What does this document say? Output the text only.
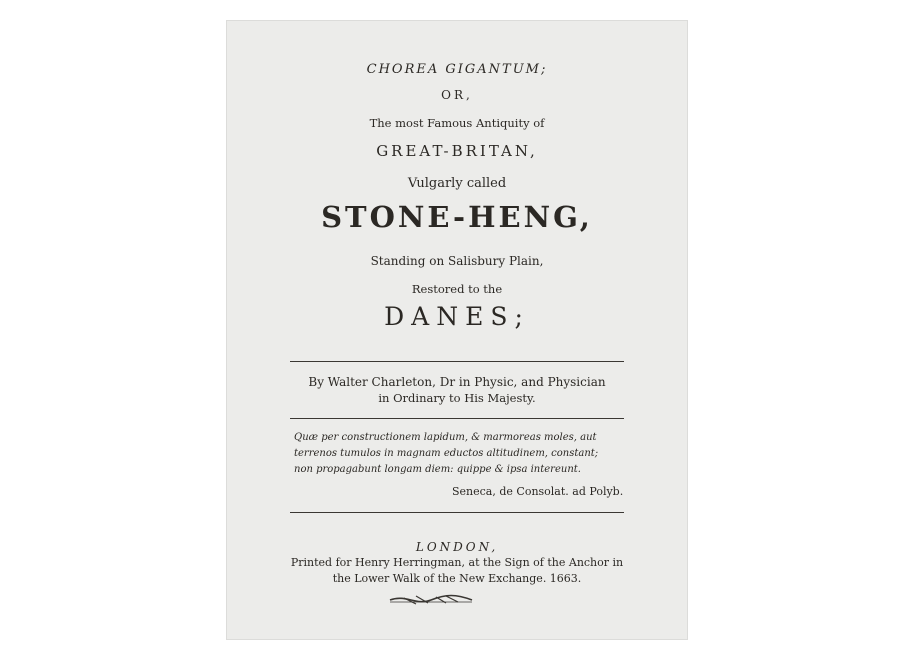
CHOREA GIGANTUM;
OR,
The most Famous Antiquity of
GREAT-BRITAN,
Vulgarly called
STONE-HENG,
Standing on Salisbury Plain,
Restored to the
DANES;
By Walter Charleton, Dr in Physic, and Physician
in Ordinary to His Majesty.
Quæ per constructionem lapidum, & marmoreas moles, aut
terrenos tumulos in magnam eductos altitudinem, constant;
non propagabunt longam diem: quippe & ipsa intereunt.
Seneca, de Consolat. ad Polyb.
LONDON,
Printed for Henry Herringman, at the Sign of the Anchor in
the Lower Walk of the New Exchange. 1663.
